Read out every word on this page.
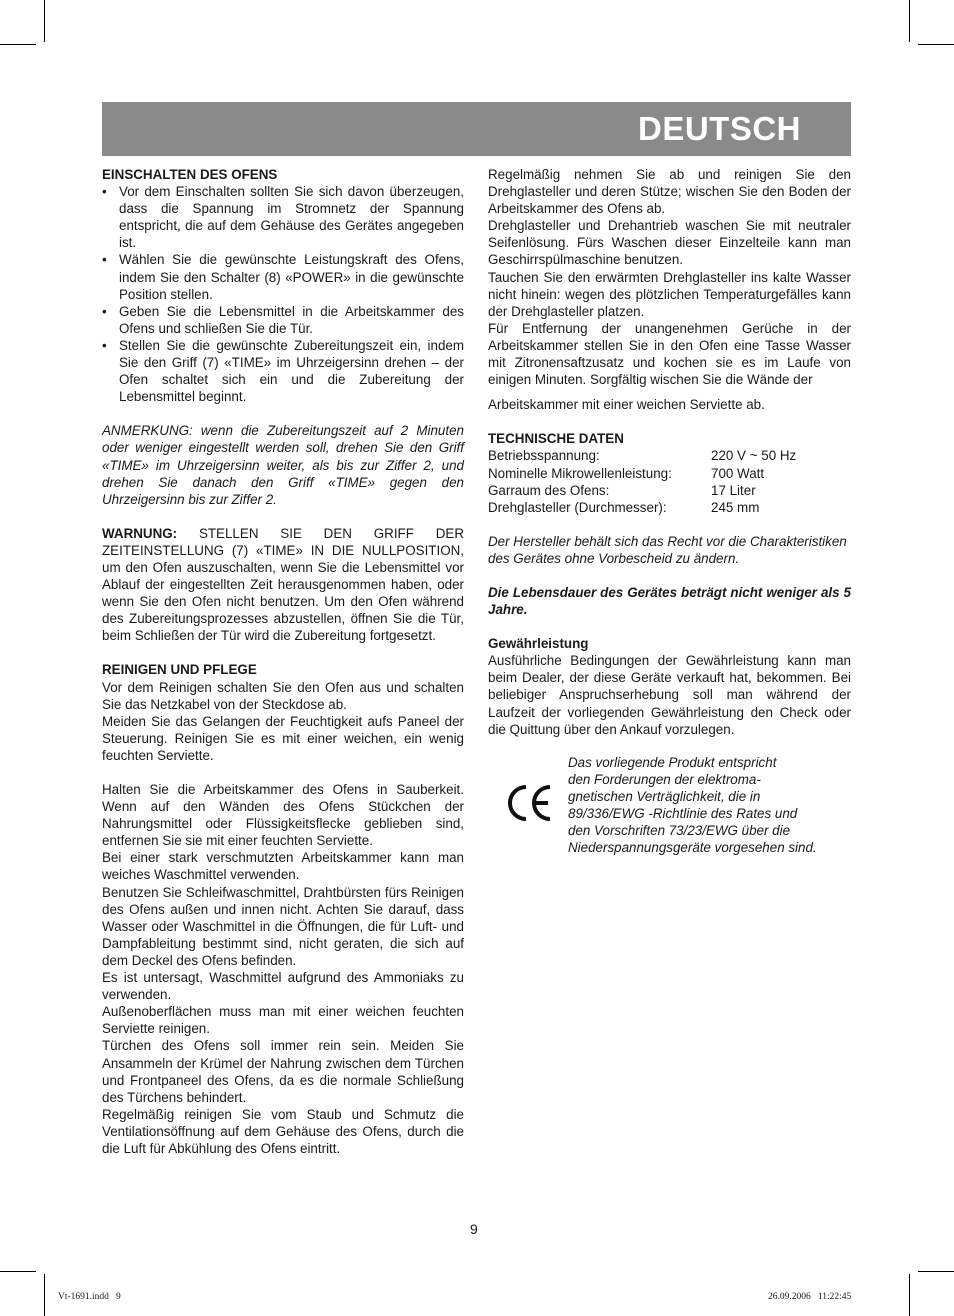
DEUTSCH

EINSCHALTEN DES OFENS

• Vor dem Einschalten sollten Sie sich davon überzeugen, dass die Spannung im Stromnetz der Spannung entspricht, die auf dem Gehäuse des Gerätes angegeben ist.
• Wählen Sie die gewünschte Leistungskraft des Ofens, indem Sie den Schalter (8) «POWER» in die gewünschte Position stellen.
• Geben Sie die Lebensmittel in die Arbeitskammer des Ofens und schließen Sie die Tür.
• Stellen Sie die gewünschte Zubereitungszeit ein, indem Sie den Griff (7) «TIME» im Uhrzeigersinn drehen – der Ofen schaltet sich ein und die Zubereitung der Lebensmittel beginnt.

ANMERKUNG: wenn die Zubereitungszeit auf 2 Minuten oder weniger eingestellt werden soll, drehen Sie den Griff «TIME» im Uhrzeigersinn weiter, als bis zur Ziffer 2, und drehen Sie danach den Griff «TIME» gegen den Uhrzeigersinn bis zur Ziffer 2.

WARNUNG: STELLEN SIE DEN GRIFF DER ZEITEINSTELLUNG (7) «TIME» IN DIE NULLPOSITION, um den Ofen auszuschalten, wenn Sie die Lebensmittel vor Ablauf der eingestellten Zeit herausgenommen haben, oder wenn Sie den Ofen nicht benutzen. Um den Ofen während des Zubereitungsprozesses abzustellen, öffnen Sie die Tür, beim Schließen der Tür wird die Zubereitung fortgesetzt.

REINIGEN UND PFLEGE

Vor dem Reinigen schalten Sie den Ofen aus und schalten Sie das Netzkabel von der Steckdose ab.

Meiden Sie das Gelangen der Feuchtigkeit aufs Paneel der Steuerung. Reinigen Sie es mit einer weichen, ein wenig feuchten Serviette.

Halten Sie die Arbeitskammer des Ofens in Sauberkeit. Wenn auf den Wänden des Ofens Stückchen der Nahrungsmittel oder Flüssigkeitsflecke geblieben sind, entfernen Sie sie mit einer feuchten Serviette.

Bei einer stark verschmutzten Arbeitskammer kann man weiches Waschmittel verwenden.

Benutzen Sie Schleifwaschmittel, Drahtbürsten fürs Reinigen des Ofens außen und innen nicht. Achten Sie darauf, dass Wasser oder Waschmittel in die Öffnungen, die für Luft- und Dampfableitung bestimmt sind, nicht geraten, die sich auf dem Deckel des Ofens befinden.

Es ist untersagt, Waschmittel aufgrund des Ammoniaks zu verwenden.

Außenoberflächen muss man mit einer weichen feuchten Serviette reinigen.

Türchen des Ofens soll immer rein sein. Meiden Sie Ansammeln der Krümel der Nahrung zwischen dem Türchen und Frontpaneel des Ofens, da es die normale Schließung des Türchens behindert.

Regelmäßig reinigen Sie vom Staub und Schmutz die Ventilationsöffnung auf dem Gehäuse des Ofens, durch die die Luft für Abkühlung des Ofens eintritt.

Regelmäßig nehmen Sie ab und reinigen Sie den Drehglasteller und deren Stütze; wischen Sie den Boden der Arbeitskammer des Ofens ab.

Drehglasteller und Drehantrieb waschen Sie mit neutraler Seifenlösung. Fürs Waschen dieser Einzelteile kann man Geschirrspülmaschine benutzen.

Tauchen Sie den erwärmten Drehglasteller ins kalte Wasser nicht hinein: wegen des plötzlichen Temperaturgefälles kann der Drehglasteller platzen.

Für Entfernung der unangenehmen Gerüche in der Arbeitskammer stellen Sie in den Ofen eine Tasse Wasser mit Zitronensaftzusatz und kochen sie es im Laufe von einigen Minuten. Sorgfältig wischen Sie die Wände der

Arbeitskammer mit einer weichen Serviette ab.

TECHNISCHE DATEN

Betriebsspannung:	220 V ~ 50 Hz
Nominelle Mikrowellenleistung:	700 Watt
Garraum des Ofens:	17 Liter
Drehglasteller (Durchmesser):	245 mm

Der Hersteller behält sich das Recht vor die Charakteristiken des Gerätes ohne Vorbescheid zu ändern.

Die Lebensdauer des Gerätes beträgt nicht weniger als 5 Jahre.

Gewährleistung

Ausführliche Bedingungen der Gewährleistung kann man beim Dealer, der diese Geräte verkauft hat, bekommen. Bei beliebiger Anspruchserhebung soll man während der Laufzeit der vorliegenden Gewährleistung den Check oder die Quittung über den Ankauf vorzulegen.

Das vorliegende Produkt entspricht
den Forderungen der elektroma-
gnetischen Verträglichkeit, die in
89/336/EWG -Richtlinie des Rates und
den Vorschriften 73/23/EWG über die
Niederspannungsgeräte vorgesehen sind.
9
Vt-1691.indd   9	26.09.2006   11:22:45
